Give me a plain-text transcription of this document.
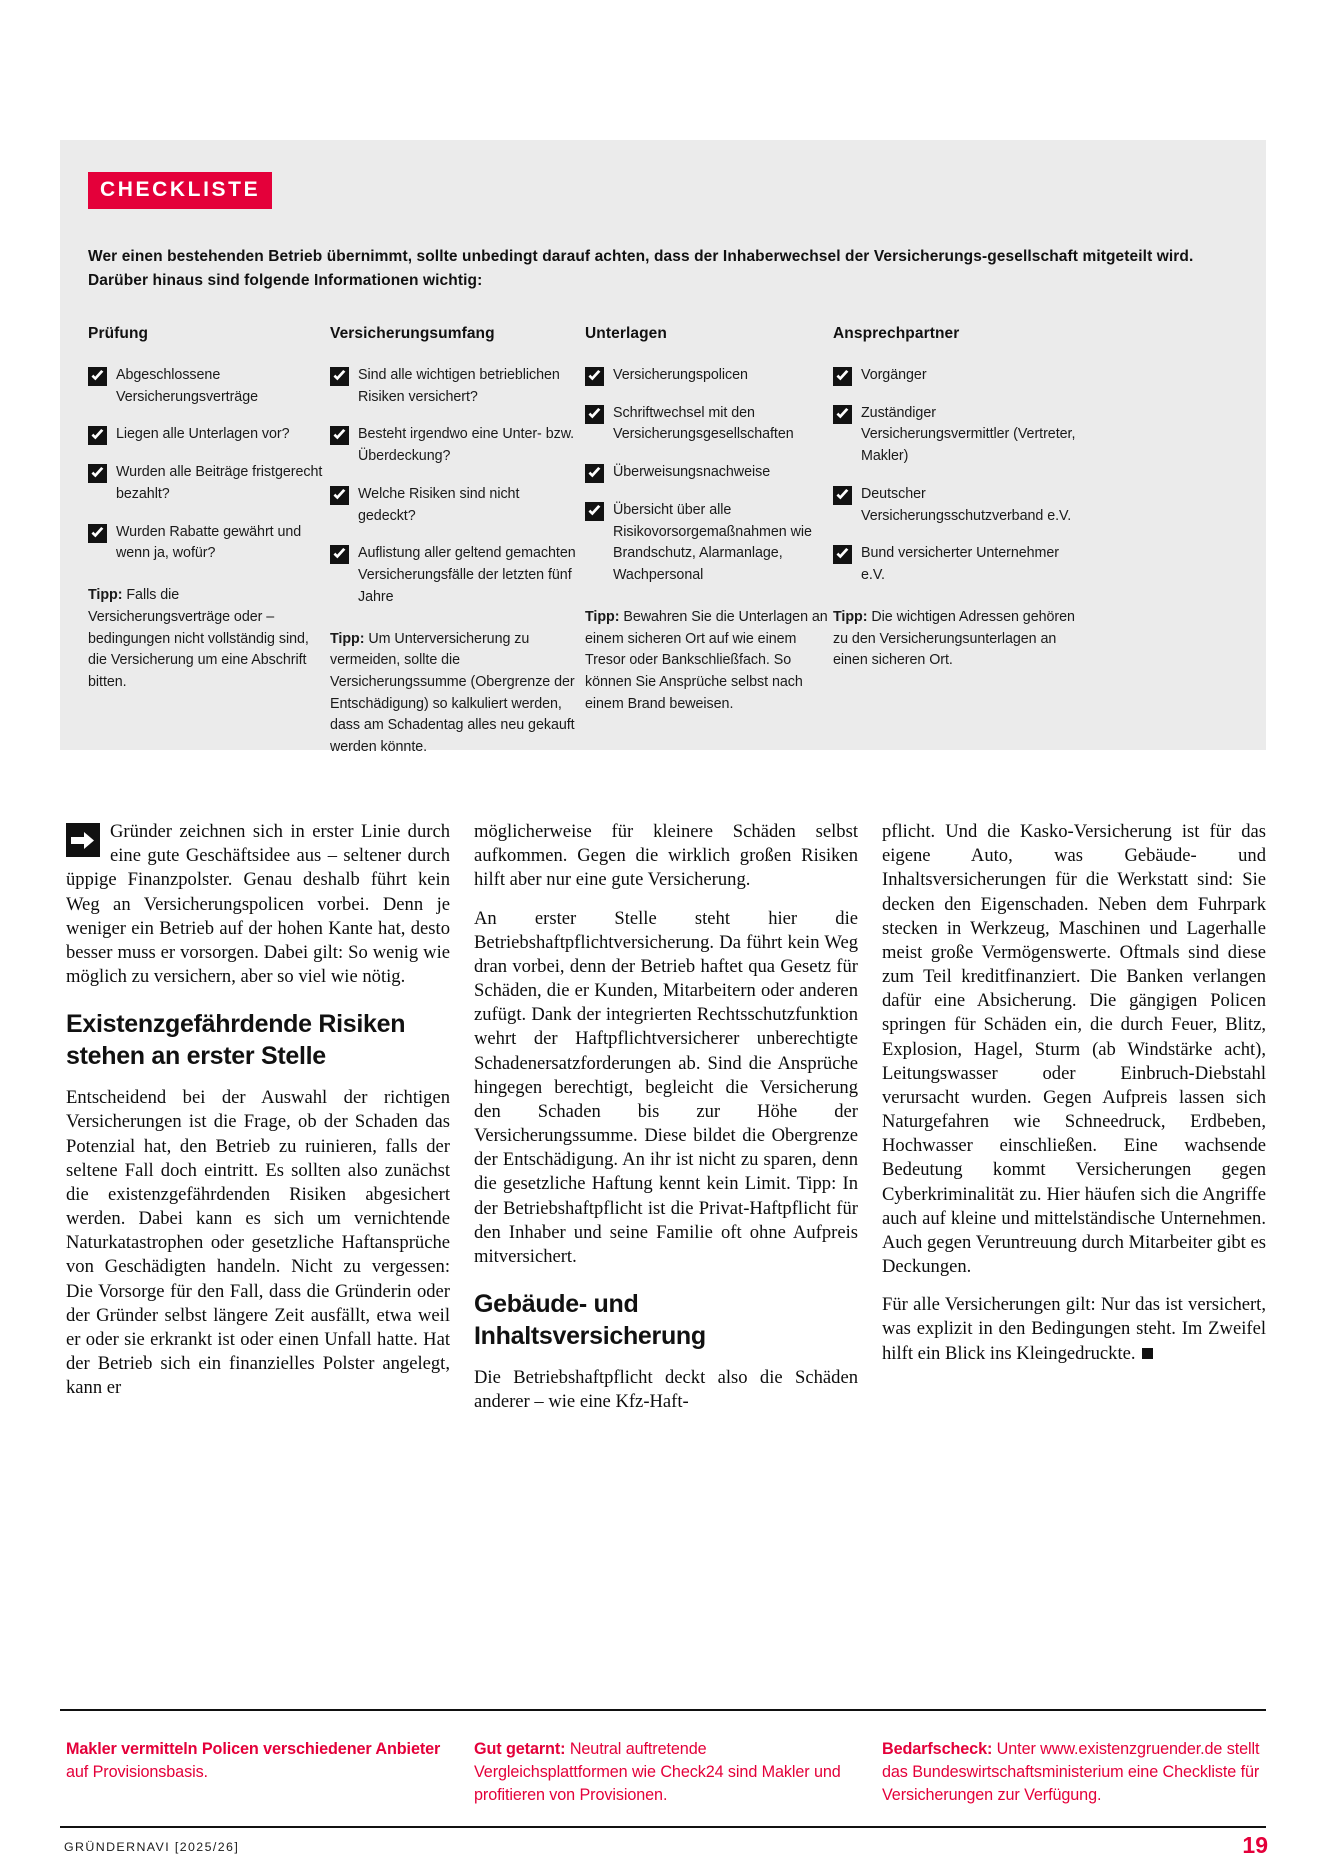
CHECKLISTE

Wer einen bestehenden Betrieb übernimmt, sollte unbedingt darauf achten, dass der Inhaberwechsel der Versicherungs-gesellschaft mitgeteilt wird. Darüber hinaus sind folgende Informationen wichtig:

Prüfung
Abgeschlossene Versicherungsverträge
Liegen alle Unterlagen vor?
Wurden alle Beiträge fristgerecht bezahlt?
Wurden Rabatte gewährt und wenn ja, wofür?

Tipp: Falls die Versicherungsverträge oder –bedingungen nicht vollständig sind, die Versicherung um eine Abschrift bitten.

Versicherungsumfang
Sind alle wichtigen betrieblichen Risiken versichert?
Besteht irgendwo eine Unter- bzw. Überdeckung?
Welche Risiken sind nicht gedeckt?
Auflistung aller geltend gemachten Versicherungsfälle der letzten fünf Jahre

Tipp: Um Unterversicherung zu vermeiden, sollte die Versicherungssumme (Obergrenze der Entschädigung) so kalkuliert werden, dass am Schadentag alles neu gekauft werden könnte.

Unterlagen
Versicherungspolicen
Schriftwechsel mit den Versicherungsgesellschaften
Überweisungsnachweise
Übersicht über alle Risikovorsorgemaßnahmen wie Brandschutz, Alarmanlage, Wachpersonal

Tipp: Bewahren Sie die Unterlagen an einem sicheren Ort auf wie einem Tresor oder Bankschließfach. So können Sie Ansprüche selbst nach einem Brand beweisen.

Ansprechpartner
Vorgänger
Zuständiger Versicherungsvermittler (Vertreter, Makler)
Deutscher Versicherungsschutzverband e.V.
Bund versicherter Unternehmer e.V.

Tipp: Die wichtigen Adressen gehören zu den Versicherungsunterlagen an einen sicheren Ort.

Gründer zeichnen sich in erster Linie durch eine gute Geschäftsidee aus – seltener durch üppige Finanzpolster. Genau deshalb führt kein Weg an Versicherungspolicen vorbei. Denn je weniger ein Betrieb auf der hohen Kante hat, desto besser muss er vorsorgen. Dabei gilt: So wenig wie möglich zu versichern, aber so viel wie nötig.

Existenzgefährdende Risiken stehen an erster Stelle

Entscheidend bei der Auswahl der richtigen Versicherungen ist die Frage, ob der Schaden das Potenzial hat, den Betrieb zu ruinieren, falls der seltene Fall doch eintritt. Es sollten also zunächst die existenzgefährdenden Risiken abgesichert werden. Dabei kann es sich um vernichtende Naturkatastrophen oder gesetzliche Haftansprüche von Geschädigten handeln. Nicht zu vergessen: Die Vorsorge für den Fall, dass die Gründerin oder der Gründer selbst längere Zeit ausfällt, etwa weil er oder sie erkrankt ist oder einen Unfall hatte. Hat der Betrieb sich ein finanzielles Polster angelegt, kann er

möglicherweise für kleinere Schäden selbst aufkommen. Gegen die wirklich großen Risiken hilft aber nur eine gute Versicherung.

An erster Stelle steht hier die Betriebshaftpflichtversicherung. Da führt kein Weg dran vorbei, denn der Betrieb haftet qua Gesetz für Schäden, die er Kunden, Mitarbeitern oder anderen zufügt. Dank der integrierten Rechtsschutzfunktion wehrt der Haftpflichtversicherer unberechtigte Schadenersatzforderungen ab. Sind die Ansprüche hingegen berechtigt, begleicht die Versicherung den Schaden bis zur Höhe der Versicherungssumme. Diese bildet die Obergrenze der Entschädigung. An ihr ist nicht zu sparen, denn die gesetzliche Haftung kennt kein Limit. Tipp: In der Betriebshaftpflicht ist die Privat-Haftpflicht für den Inhaber und seine Familie oft ohne Aufpreis mitversichert.

Gebäude- und Inhaltsversicherung

Die Betriebshaftpflicht deckt also die Schäden anderer – wie eine Kfz-Haft-

pflicht. Und die Kasko-Versicherung ist für das eigene Auto, was Gebäude- und Inhaltsversicherungen für die Werkstatt sind: Sie decken den Eigenschaden. Neben dem Fuhrpark stecken in Werkzeug, Maschinen und Lagerhalle meist große Vermögenswerte. Oftmals sind diese zum Teil kreditfinanziert. Die Banken verlangen dafür eine Absicherung. Die gängigen Policen springen für Schäden ein, die durch Feuer, Blitz, Explosion, Hagel, Sturm (ab Windstärke acht), Leitungswasser oder Einbruch-Diebstahl verursacht wurden. Gegen Aufpreis lassen sich Naturgefahren wie Schneedruck, Erdbeben, Hochwasser einschließen. Eine wachsende Bedeutung kommt Versicherungen gegen Cyberkriminalität zu. Hier häufen sich die Angriffe auch auf kleine und mittelständische Unternehmen. Auch gegen Veruntreuung durch Mitarbeiter gibt es Deckungen.

Für alle Versicherungen gilt: Nur das ist versichert, was explizit in den Bedingungen steht. Im Zweifel hilft ein Blick ins Kleingedruckte.

Makler vermitteln Policen verschiedener Anbieter auf Provisionsbasis.
Gut getarnt: Neutral auftretende Vergleichsplattformen wie Check24 sind Makler und profitieren von Provisionen.
Bedarfscheck: Unter www.existenzgruender.de stellt das Bundeswirtschaftsministerium eine Checkliste für Versicherungen zur Verfügung.
GRÜNDERNAVI [2025/26]	19
